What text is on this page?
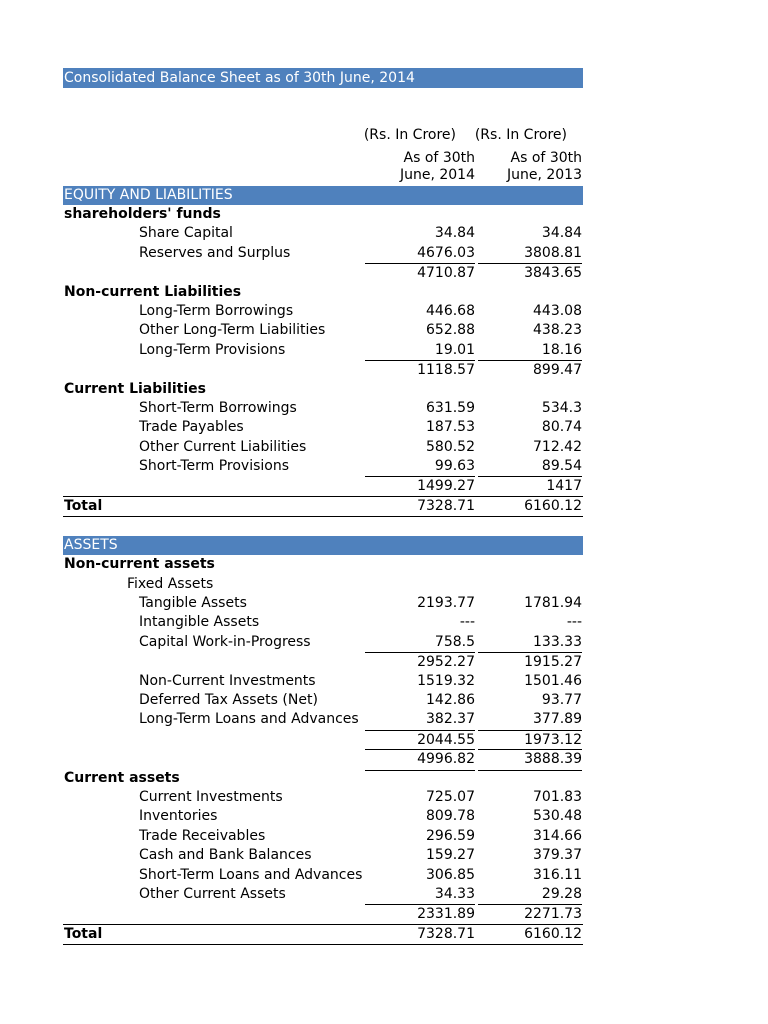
Consolidated Balance Sheet as of 30th June, 2014
(Rs. In Crore) (Rs. In Crore)
As of 30th	As of 30th
June, 2014 June, 2013
EQUITY AND LIABILITIES
shareholders' funds
Share Capital	34.84	34.84
Reserves and Surplus	4676.03	3808.81
4710.87	3843.65
Non-current Liabilities
Long-Term Borrowings	446.68	443.08
Other Long-Term Liabilities	652.88	438.23
Long-Term Provisions	19.01	18.16
1118.57	899.47
Current Liabilities
Short-Term Borrowings	631.59	534.3
Trade Payables	187.53	80.74
Other Current Liabilities	580.52	712.42
Short-Term Provisions	99.63	89.54
1499.27	1417
Total	7328.71	6160.12
ASSETS
Non-current assets
Fixed Assets
Tangible Assets	2193.77	1781.94
Intangible Assets	---	---
Capital Work-in-Progress	758.5	133.33
2952.27	1915.27
Non-Current Investments	1519.32	1501.46
Deferred Tax Assets (Net)	142.86	93.77
Long-Term Loans and Advances	382.37	377.89
2044.55	1973.12
4996.82	3888.39
Current assets
Current Investments	725.07	701.83
Inventories	809.78	530.48
Trade Receivables	296.59	314.66
Cash and Bank Balances	159.27	379.37
Short-Term Loans and Advances	306.85	316.11
Other Current Assets	34.33	29.28
2331.89	2271.73
Total	7328.71	6160.12
